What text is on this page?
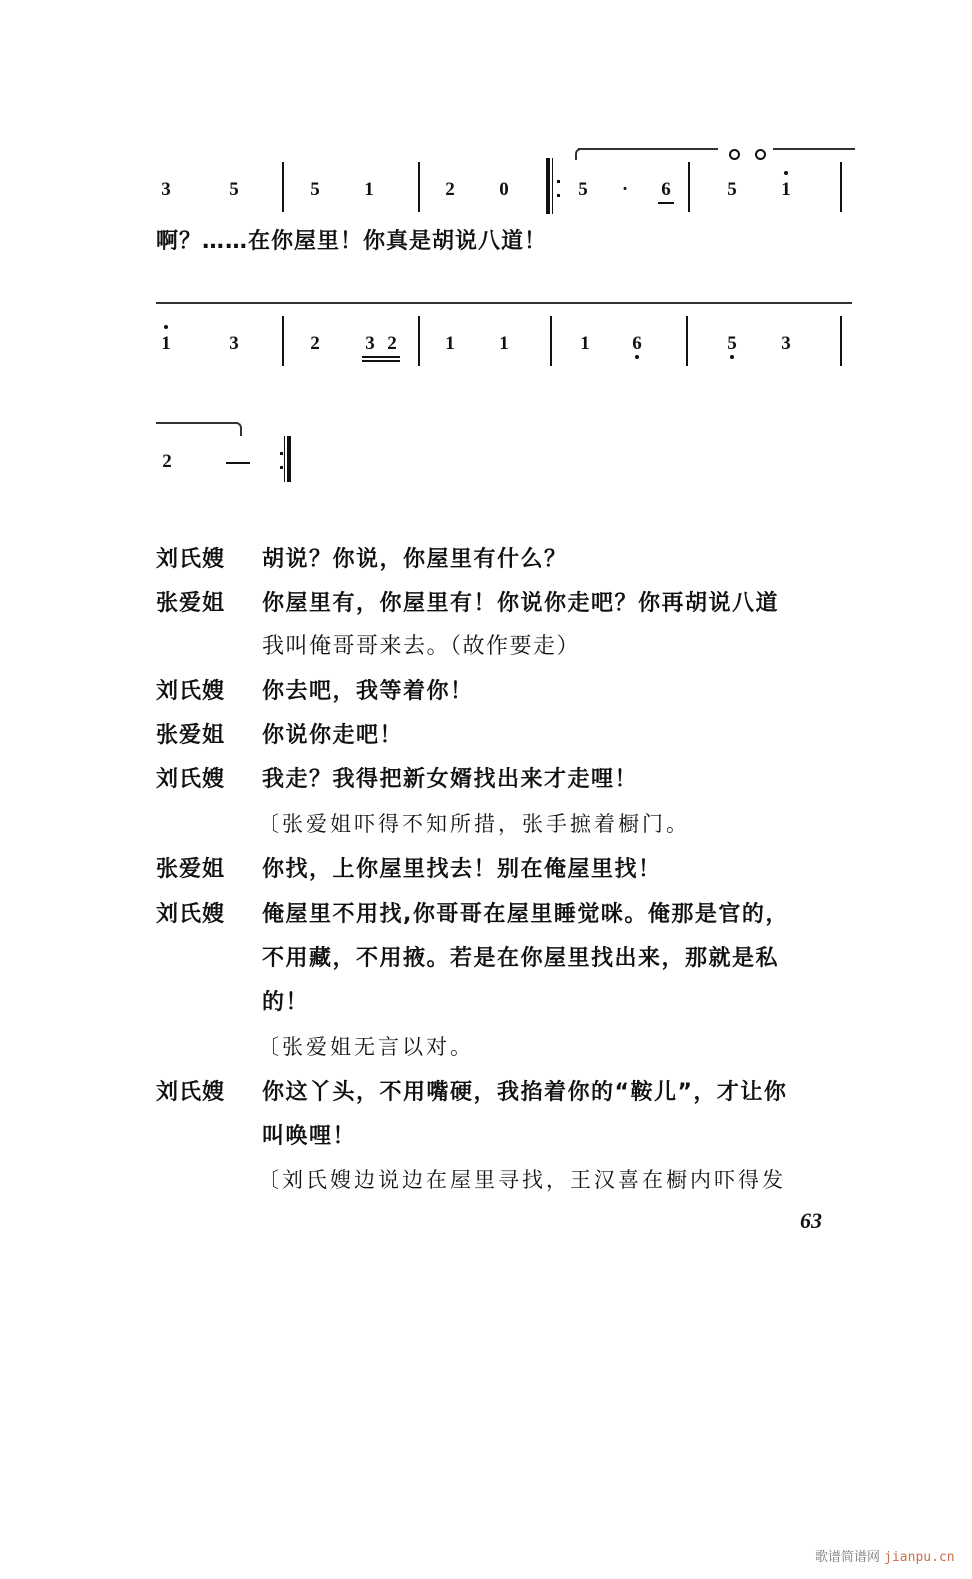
3	5	5 1	2 0	5	·	6	5 1
啊？……在你屋里！你真是胡说八道！
1	3	2 3 2	1 1	1 6	5 3
2
刘氏嫂 胡说？你说，你屋里有什么？
张爱姐 你屋里有，你屋里有！你说你走吧？你再胡说八道
我叫俺哥哥来去。（故作要走）
刘氏嫂 你去吧，我等着你！
张爱姐 你说你走吧！
刘氏嫂 我走？我得把新女婿找出来才走哩！
〔张爱姐吓得不知所措，张手摭着橱门。
张爱姐 你找，上你屋里找去！别在俺屋里找！
刘氏嫂 俺屋里不用找,你哥哥在屋里睡觉咪。俺那是官的，
不用藏，不用掖。若是在你屋里找出来，那就是私
的！
〔张爱姐无言以对。
刘氏嫂 你这丫头，不用嘴硬，我掐着你的“鞍儿”，才让你
叫唤哩！
〔刘氏嫂边说边在屋里寻找，王汉喜在橱内吓得发
63
歌谱简谱网 jianpu.cn
